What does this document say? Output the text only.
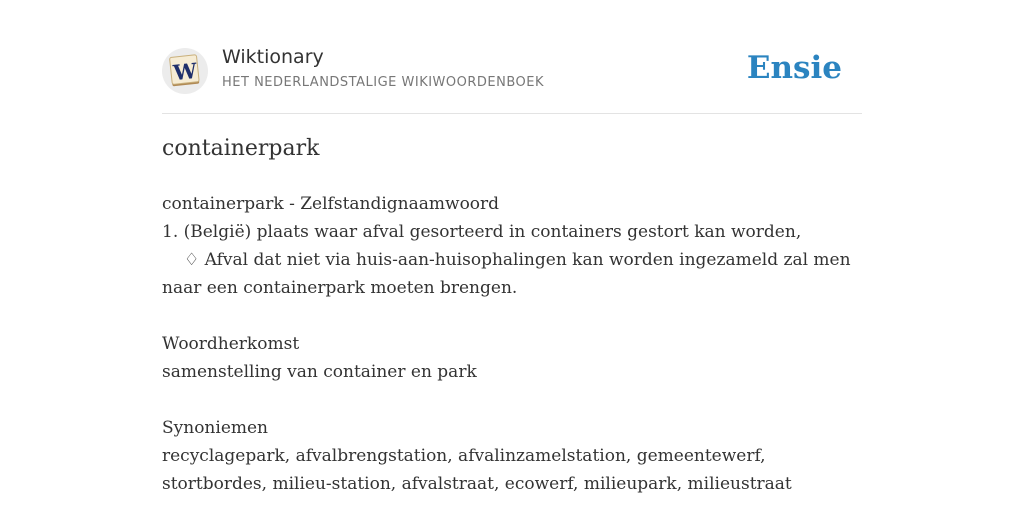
W
Wiktionary
HET NEDERLANDSTALIGE WIKIWOORDENBOEK	Ensie
containerpark

containerpark - Zelfstandignaamwoord

1. (België) plaats waar afval gesorteerd in containers gestort kan worden,

♢ Afval dat niet via huis-aan-huisophalingen kan worden ingezameld zal men

naar een containerpark moeten brengen.

Woordherkomst

samenstelling van container en park

Synoniemen

recyclagepark, afvalbrengstation, afvalinzamelstation, gemeentewerf,

stortbordes, milieu-station, afvalstraat, ecowerf, milieupark, milieustraat
